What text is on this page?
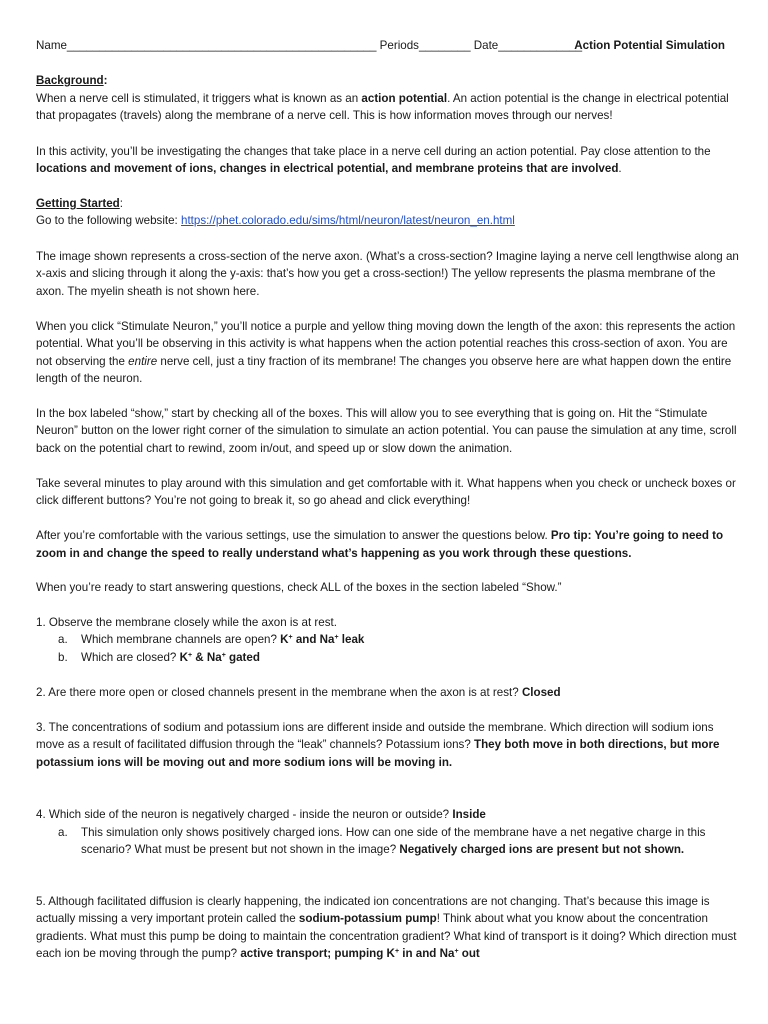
Name________________________________________________ Periods________ Date_____________
Action Potential Simulation
Background:
When a nerve cell is stimulated, it triggers what is known as an action potential. An action potential is the change in electrical potential
that propagates (travels) along the membrane of a nerve cell. This is how information moves through our nerves!
In this activity, you’ll be investigating the changes that take place in a nerve cell during an action potential. Pay close attention to the
locations and movement of ions, changes in electrical potential, and membrane proteins that are involved.
Getting Started:
Go to the following website: https://phet.colorado.edu/sims/html/neuron/latest/neuron_en.html
The image shown represents a cross-section of the nerve axon. (What’s a cross-section? Imagine laying a nerve cell lengthwise along an
x-axis and slicing through it along the y-axis: that’s how you get a cross-section!) The yellow represents the plasma membrane of the
axon. The myelin sheath is not shown here.
When you click “Stimulate Neuron,” you’ll notice a purple and yellow thing moving down the length of the axon: this represents the action
potential. What you’ll be observing in this activity is what happens when the action potential reaches this cross-section of axon. You are
not observing the entire nerve cell, just a tiny fraction of its membrane! The changes you observe here are what happen down the entire
length of the neuron.
In the box labeled “show,” start by checking all of the boxes. This will allow you to see everything that is going on. Hit the “Stimulate
Neuron” button on the lower right corner of the simulation to simulate an action potential. You can pause the simulation at any time, scroll
back on the potential chart to rewind, zoom in/out, and speed up or slow down the animation.
Take several minutes to play around with this simulation and get comfortable with it. What happens when you check or uncheck boxes or
click different buttons? You’re not going to break it, so go ahead and click everything!
After you’re comfortable with the various settings, use the simulation to answer the questions below. Pro tip: You’re going to need to
zoom in and change the speed to really understand what’s happening as you work through these questions.
When you’re ready to start answering questions, check ALL of the boxes in the section labeled “Show.”
1. Observe the membrane closely while the axon is at rest.
a. Which membrane channels are open? K+ and Na+ leak
b. Which are closed? K+ & Na+ gated
2. Are there more open or closed channels present in the membrane when the axon is at rest? Closed
3. The concentrations of sodium and potassium ions are different inside and outside the membrane. Which direction will sodium ions
move as a result of facilitated diffusion through the “leak” channels? Potassium ions? They both move in both directions, but more
potassium ions will be moving out and more sodium ions will be moving in.
4. Which side of the neuron is negatively charged - inside the neuron or outside? Inside
a. This simulation only shows positively charged ions. How can one side of the membrane have a net negative charge in this
scenario? What must be present but not shown in the image? Negatively charged ions are present but not shown.
5. Although facilitated diffusion is clearly happening, the indicated ion concentrations are not changing. That’s because this image is
actually missing a very important protein called the sodium-potassium pump! Think about what you know about the concentration
gradients. What must this pump be doing to maintain the concentration gradient? What kind of transport is it doing? Which direction must
each ion be moving through the pump? active transport; pumping K+ in and Na+ out
